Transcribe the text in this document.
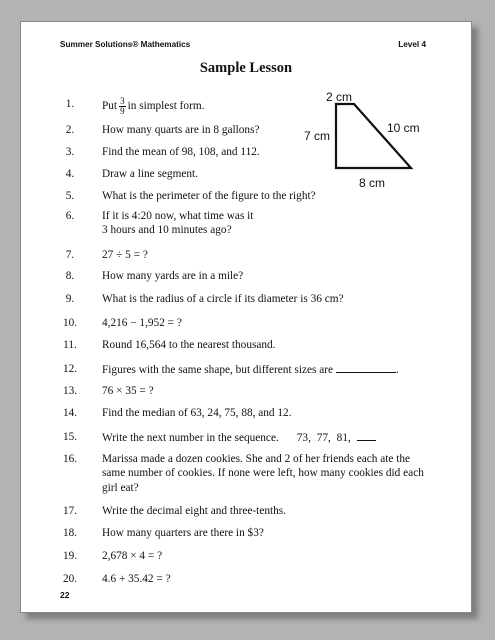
Summer Solutions® Mathematics	Level 4
Sample Lesson
2 cm
7 cm
10 cm
8 cm
1.	Put $\frac{3}{9}$ in simplest form.
2.	How many quarts are in 8 gallons?
3.	Find the mean of 98, 108, and 112.
4.	Draw a line segment.
5.	What is the perimeter of the figure to the right?
6.	If it is 4:20 now, what time was it
3 hours and 10 minutes ago?
7.	27 ÷ 5 = ?
8.	How many yards are in a mile?
9.	What is the radius of a circle if its diameter is 36 cm?
10.	4,216 − 1,952 = ?
11.	Round 16,564 to the nearest thousand.
12.	Figures with the same shape, but different sizes are	.
13.	76 × 35 = ?
14.	Find the median of 63, 24, 75, 88, and 12.
15.	Write the next number in the sequence. 73, 77, 81,
16.	Marissa made a dozen cookies. She and 2 of her friends each ate the same number of cookies. If none were left, how many cookies did each girl eat?
17.	Write the decimal eight and three-tenths.
18.	How many quarters are there in $3?
19.	2,678 × 4 = ?
20.	4.6 + 35.42 = ?
22
